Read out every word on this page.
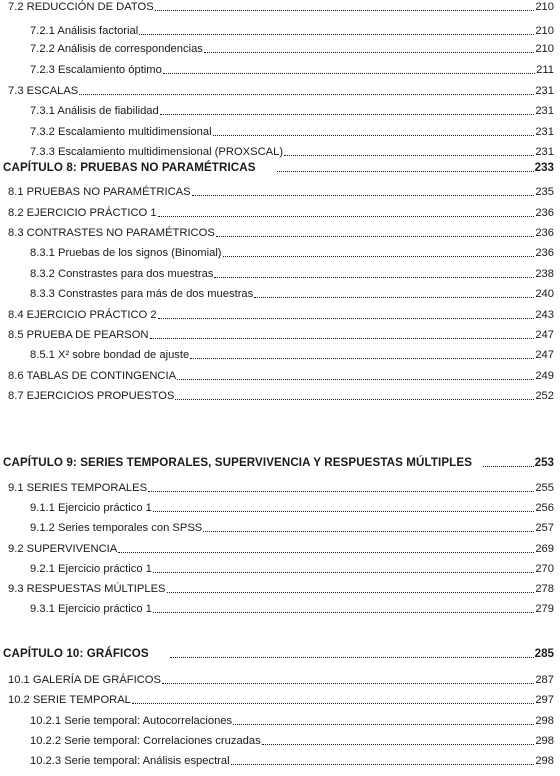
7.2 REDUCCIÓN DE DATOS	210
7.2.1 Análisis factorial	210
7.2.2 Análisis de correspondencias	210
7.2.3 Escalamiento óptimo	211
7.3 ESCALAS	231
7.3.1 Análisis de fiabilidad	231
7.3.2 Escalamiento multidimensional	231
7.3.3 Escalamiento multidimensional (PROXSCAL)	231
CAPÍTULO 8: PRUEBAS NO PARAMÉTRICAS	233
8.1 PRUEBAS NO PARAMÉTRICAS	235
8.2 EJERCICIO PRÁCTICO 1	236
8.3 CONTRASTES NO PARAMÉTRICOS	236
8.3.1 Pruebas de los signos (Binomial)	236
8.3.2 Constrastes para dos muestras	238
8.3.3 Constrastes para más de dos muestras	240
8.4 EJERCICIO PRÁCTICO 2	243
8.5 PRUEBA DE PEARSON	247
8.5.1 X² sobre bondad de ajuste	247
8.6 TABLAS DE CONTINGENCIA	249
8.7 EJERCICIOS PROPUESTOS	252
CAPÍTULO 9: SERIES TEMPORALES, SUPERVIVENCIA Y RESPUESTAS MÚLTIPLES	253
9.1 SERIES TEMPORALES	255
9.1.1 Ejercicio práctico 1	256
9.1.2 Series temporales con SPSS	257
9.2 SUPERVIVENCIA	269
9.2.1 Ejercicio práctico 1	270
9.3 RESPUESTAS MÚLTIPLES	278
9.3.1 Ejercicio práctico 1	279
CAPÍTULO 10: GRÁFICOS	285
10.1 GALERÍA DE GRÁFICOS	287
10.2 SERIE TEMPORAL	297
10.2.1 Serie temporal: Autocorrelaciones	298
10.2.2 Serie temporal: Correlaciones cruzadas	298
10.2.3 Serie temporal: Análisis espectral	298
